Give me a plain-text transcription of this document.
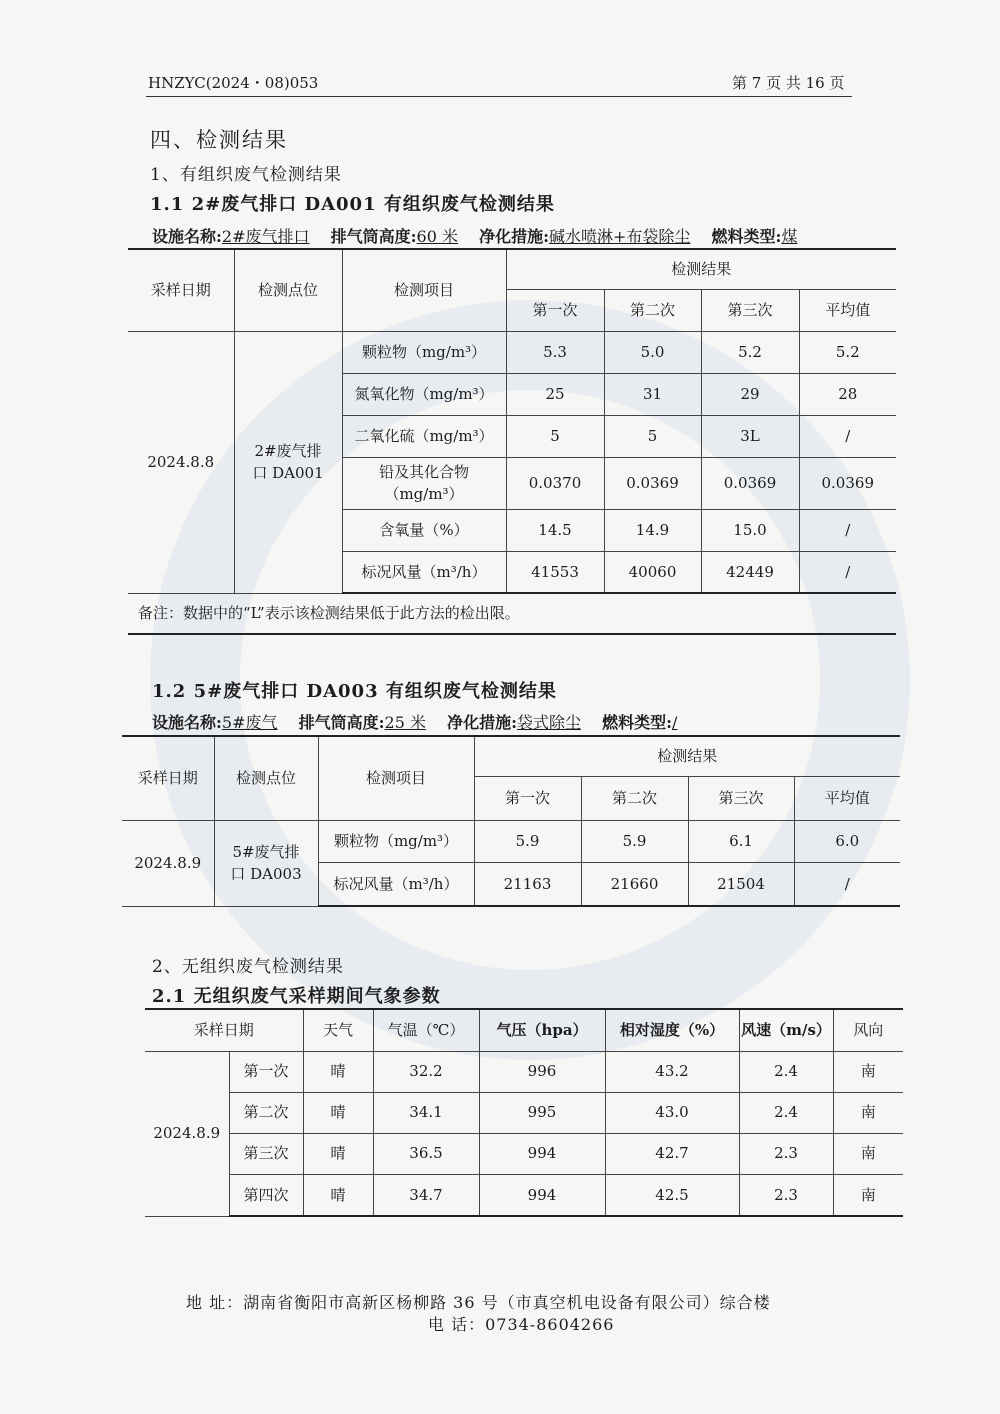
HNZYC(2024・08)053	第 7 页 共 16 页
四、检测结果
1、有组织废气检测结果
1.1 2#废气排口 DA001 有组织废气检测结果
设施名称:2#废气排口 排气筒高度:60 米 净化措施:碱水喷淋+布袋除尘 燃料类型:煤
采样日期	检测点位	检测项目	检测结果			
			第一次	第二次	第三次	平均值
2024.8.8	2#废气排口 DA001	颗粒物（mg/m³）	5.3	5.0	5.2	5.2
		氮氧化物（mg/m³）	25	31	29	28
		二氧化硫（mg/m³）	5	5	3L	/
		铅及其化合物（mg/m³）	0.0370	0.0369	0.0369	0.0369
		含氧量（%）	14.5	14.9	15.0	/
		标况风量（m³/h）	41553	40060	42449	/
备注：数据中的“L”表示该检测结果低于此方法的检出限。
1.2 5#废气排口 DA003 有组织废气检测结果
设施名称:5#废气 排气筒高度:25 米 净化措施:袋式除尘 燃料类型:/
采样日期	检测点位	检测项目	检测结果			
			第一次	第二次	第三次	平均值
2024.8.9	5#废气排口 DA003	颗粒物（mg/m³）	5.9	5.9	6.1	6.0
		标况风量（m³/h）	21163	21660	21504	/
2、无组织废气检测结果
2.1 无组织废气采样期间气象参数
采样日期		天气	气温（℃）	气压（hpa）	相对湿度（%）	风速（m/s）	风向
2024.8.9	第一次	晴	32.2	996	43.2	2.4	南
	第二次	晴	34.1	995	43.0	2.4	南
	第三次	晴	36.5	994	42.7	2.3	南
	第四次	晴	34.7	994	42.5	2.3	南
地 址：湖南省衡阳市高新区杨柳路 36 号（市真空机电设备有限公司）综合楼
电 话：0734-8604266
